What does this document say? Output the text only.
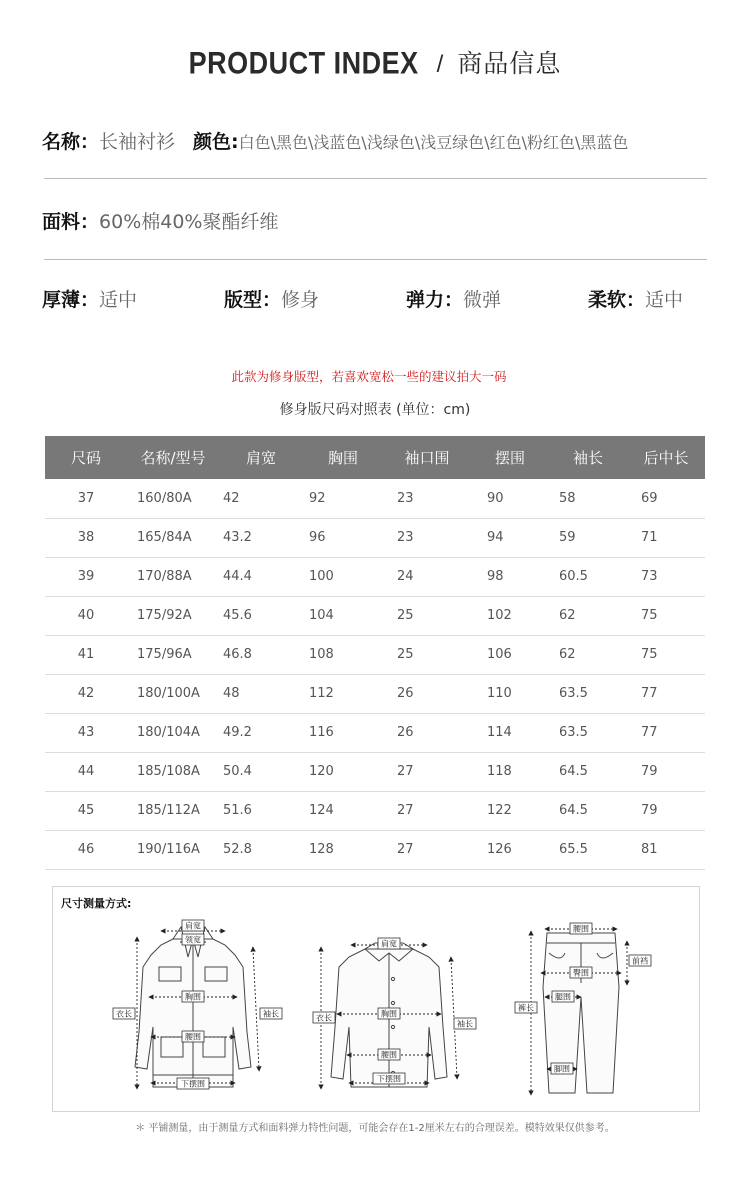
PRODUCT INDEX / 商品信息
名称：长袖衬衫 颜色:白色\黑色\浅蓝色\浅绿色\浅豆绿色\红色\粉红色\黑蓝色
面料：60%棉40%聚酯纤维
厚薄：适中	版型：修身	弹力：微弹	柔软：适中
此款为修身版型，若喜欢宽松一些的建议拍大一码
修身版尺码对照表 (单位：cm)
尺码	名称/型号	肩宽	胸围	袖口围	摆围	袖长	后中长
37	160/80A	42	92	23	90	58	69
38	165/84A	43.2	96	23	94	59	71
39	170/88A	44.4	100	24	98	60.5	73
40	175/92A	45.6	104	25	102	62	75
41	175/96A	46.8	108	25	106	62	75
42	180/100A	48	112	26	110	63.5	77
43	180/104A	49.2	116	26	114	63.5	77
44	185/108A	50.4	120	27	118	64.5	79
45	185/112A	51.6	124	27	122	64.5	79
46	190/116A	52.8	128	27	126	65.5	81
尺寸测量方式:
肩宽
领宽
胸围
腰围
下摆围
衣长	袖长
肩宽
胸围
腰围
下摆围
衣长
袖长
腰围
臀围
腿围
脚围
裤长
前裆
＊ 平铺测量，由于测量方式和面料弹力特性问题，可能会存在1-2厘米左右的合理误差。模特效果仅供参考。
